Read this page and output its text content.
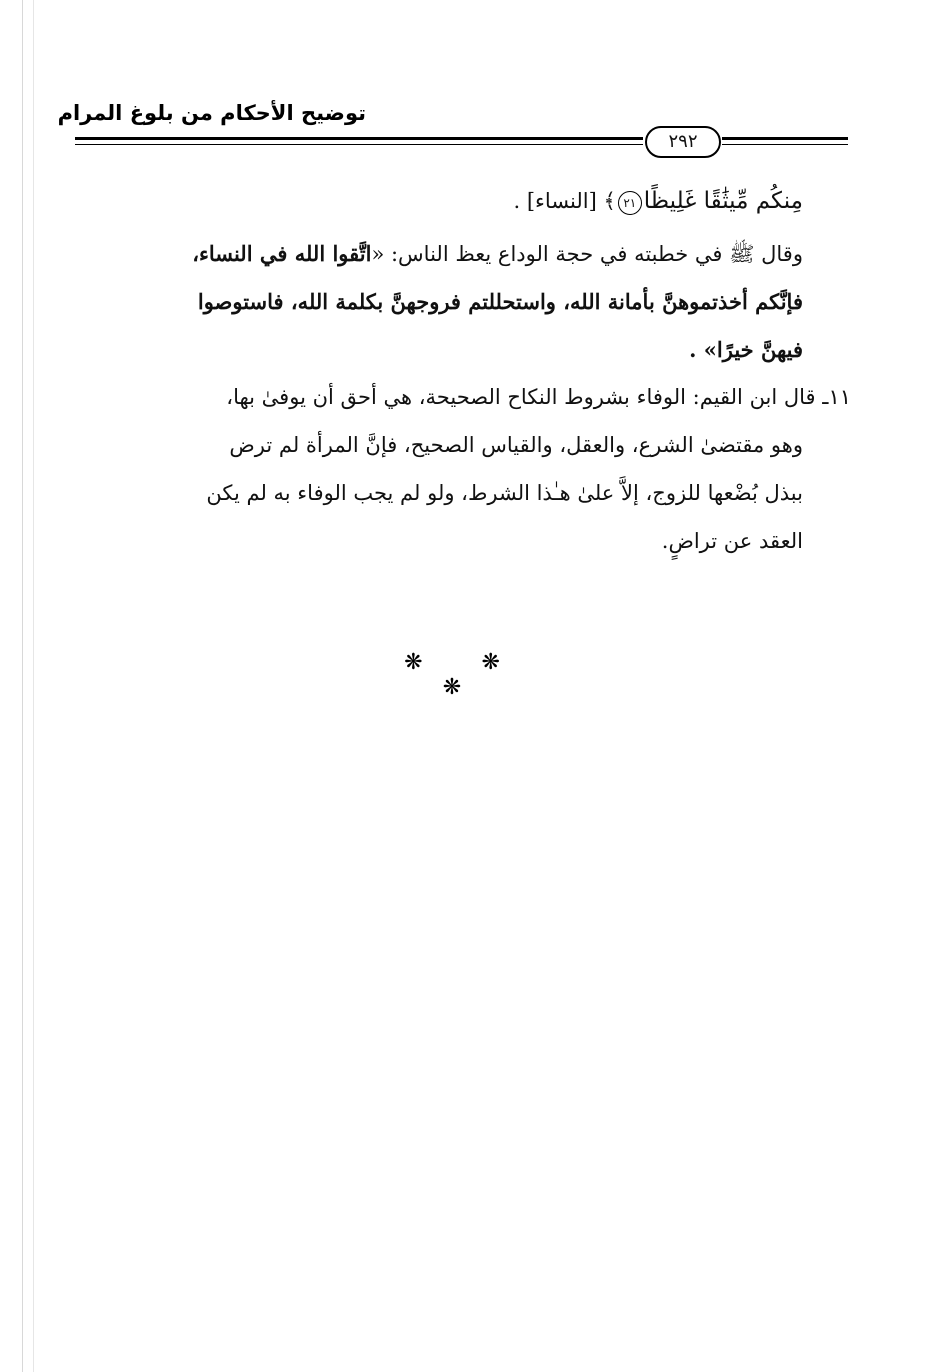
توضيح الأحكام من بلوغ المرام
٢٩٢
مِنكُم مِّيثَٰقًا غَلِيظًا٢١﴾ [النساء] .
وقال ﷺ في خطبته في حجة الوداع يعظ الناس: «اتَّقوا الله في النساء،
فإنَّكم أخذتموهنَّ بأمانة الله، واستحللتم فروجهنَّ بكلمة الله، فاستوصوا
فيهنَّ خيرًا» .
١١ـ قال ابن القيم: الوفاء بشروط النكاح الصحيحة، هي أحق أن يوفىٰ بها،
وهو مقتضىٰ الشرع، والعقل، والقياس الصحيح، فإنَّ المرأة لم ترض
ببذل بُضْعها للزوج، إلاَّ علىٰ هـٰذا الشرط، ولو لم يجب الوفاء به لم يكن
العقد عن تراضٍ.
❋ ❋ ❋
